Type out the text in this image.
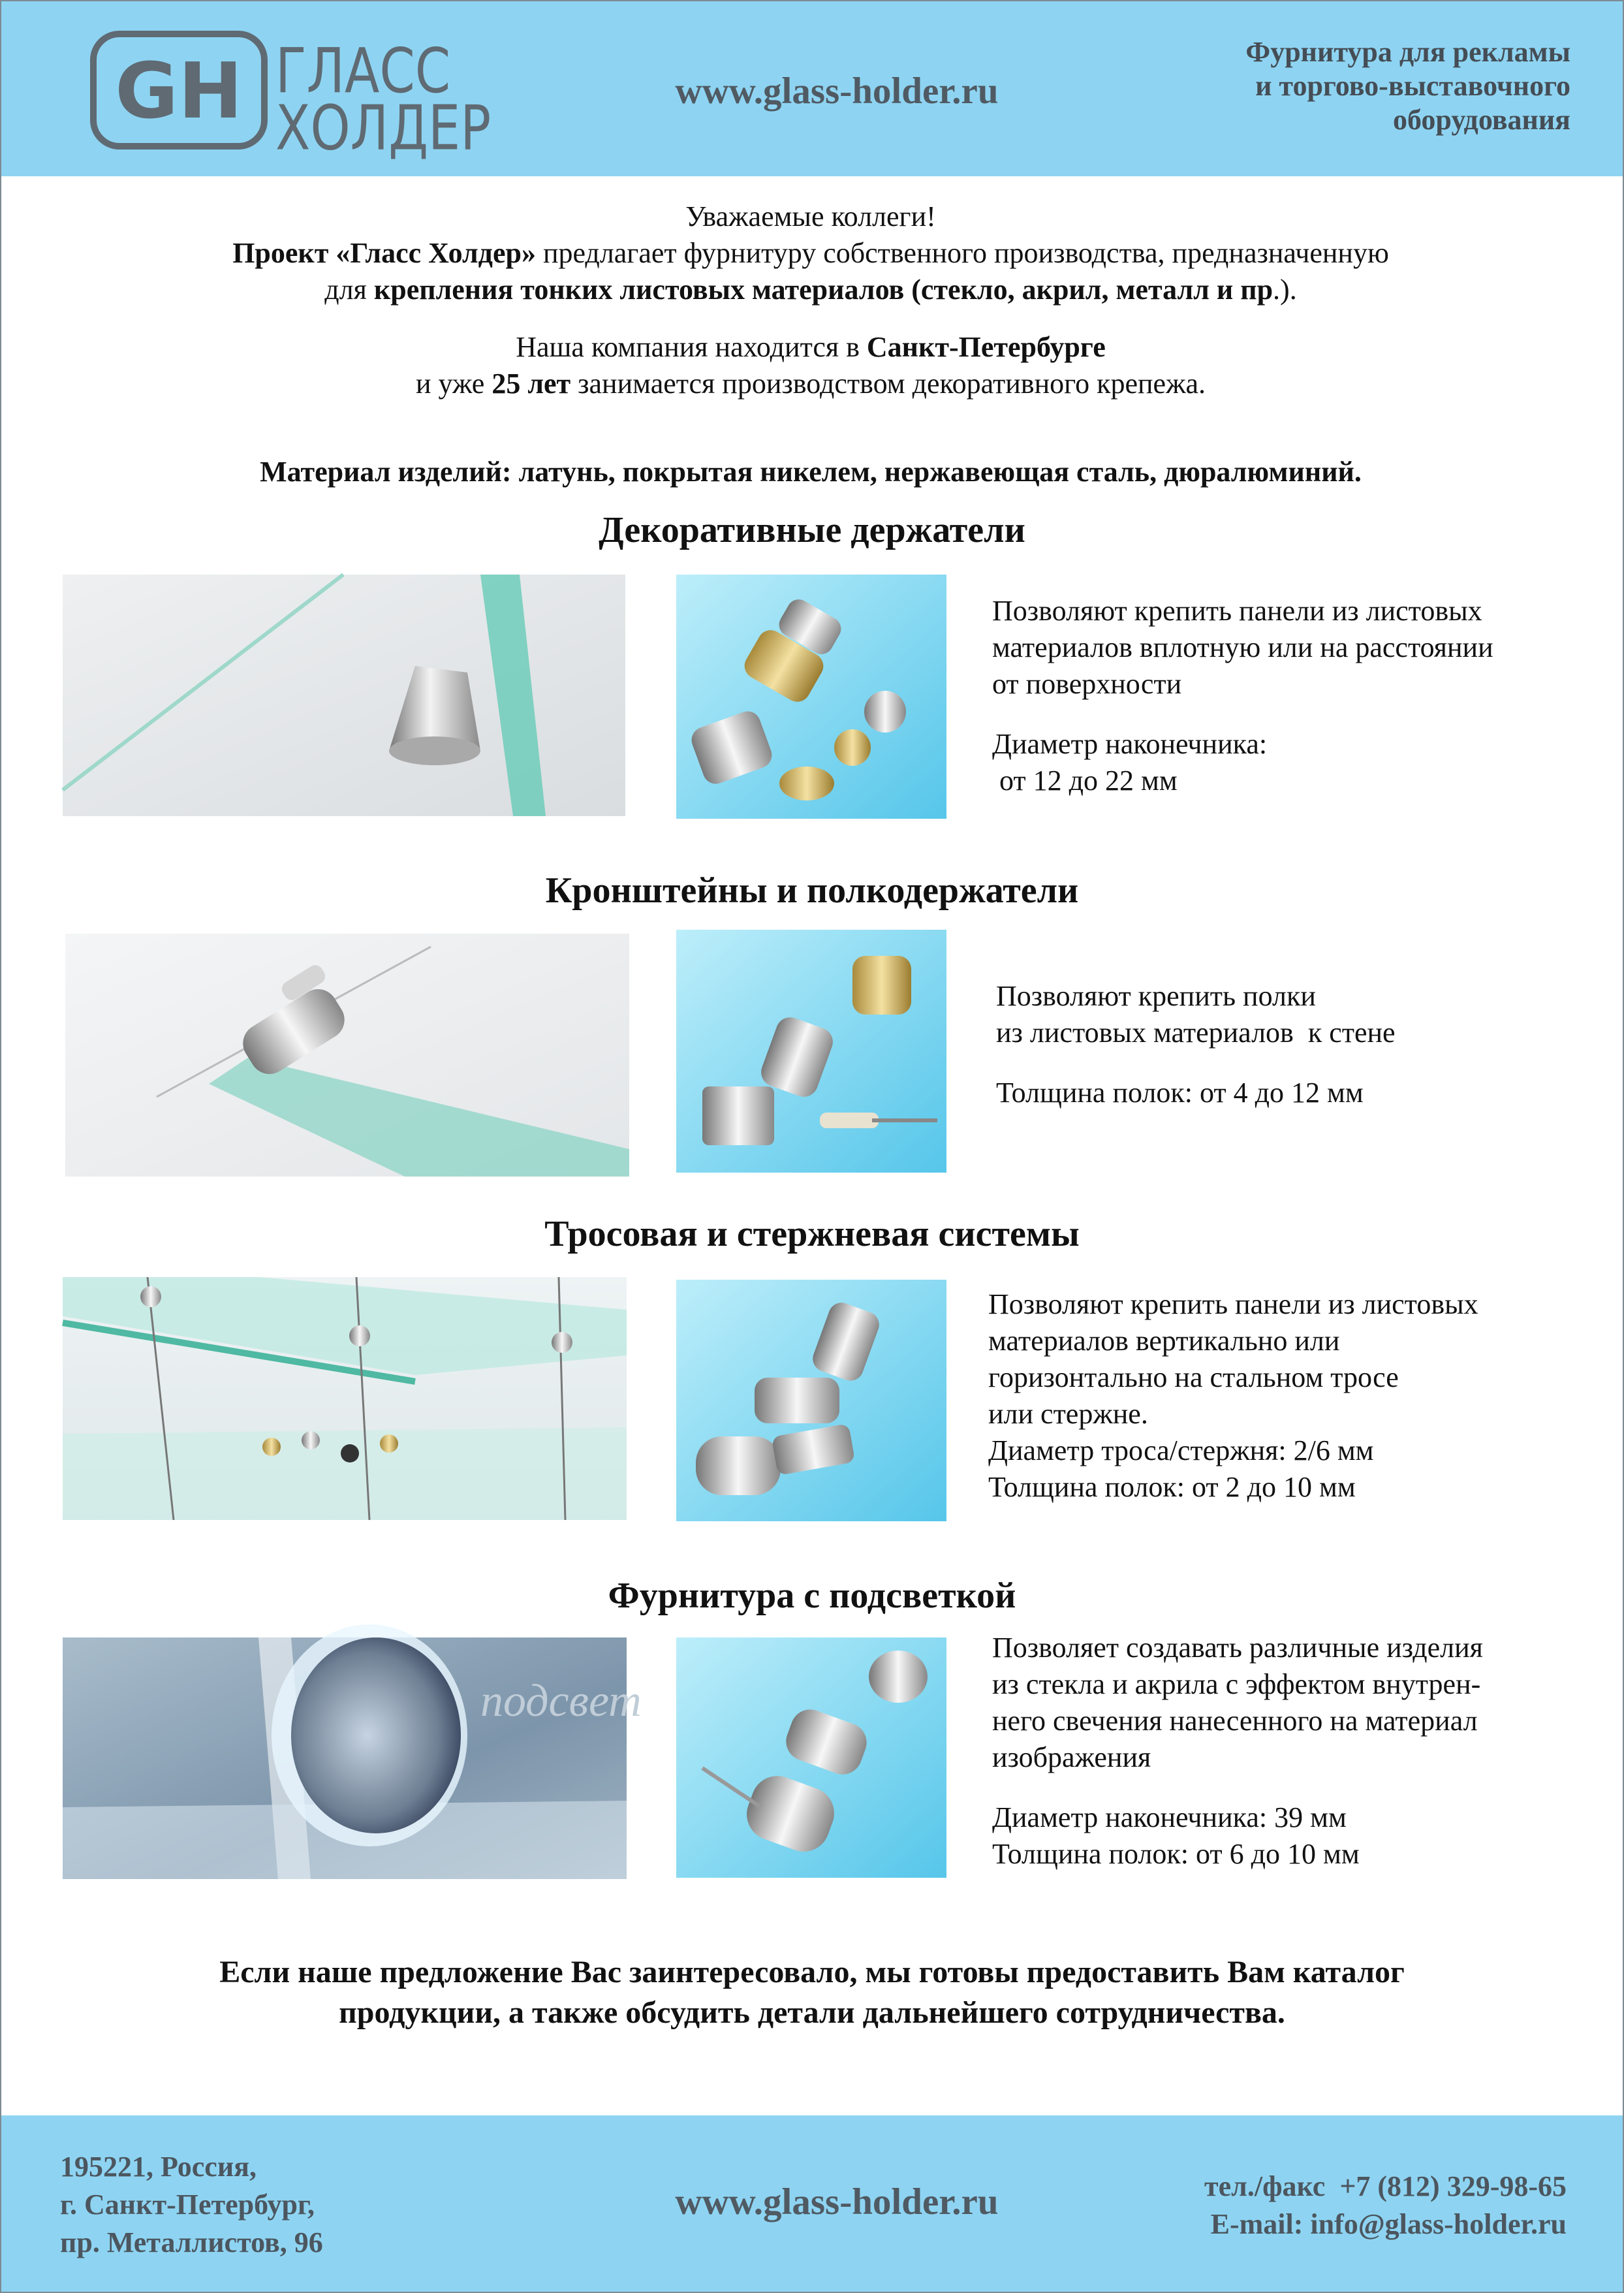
GH ГЛАСС
ХОЛДЕР
www.glass-holder.ru
Фурнитура для рекламы
и торгово-выставочного
оборудования

Уважаемые коллеги!

Проект «Гласс Холдер» предлагает фурнитуру собственного производства, предназначенную

для крепления тонких листовых материалов (стекло, акрил, металл и пр.).

Наша компания находится в Санкт-Петербурге

и уже 25 лет занимается производством декоративного крепежа.

Материал изделий: латунь, покрытая никелем, нержавеющая сталь, дюралюминий.
Декоративные держатели

Позволяют крепить панели из листовых

материалов вплотную или на расстоянии

от поверхности

Диаметр наконечника:

от 12 до 22 мм

Кронштейны и полкодержатели

Позволяют крепить полки

из листовых материалов  к стене

Толщина полок: от 4 до 12 мм

Тросовая и стержневая системы

Позволяют крепить панели из листовых

материалов вертикально или

горизонтально на стальном тросе

или стержне.

Диаметр троса/стержня: 2/6 мм

Толщина полок: от 2 до 10 мм

Фурнитура с подсветкой
подсвет

Позволяет создавать различные изделия

из стекла и акрила с эффектом внутрен-

него свечения нанесенного на материал

изображения

Диаметр наконечника: 39 мм

Толщина полок: от 6 до 10 мм

Если наше предложение Вас заинтересовало, мы готовы предоставить Вам каталог
продукции, а также обсудить детали дальнейшего сотрудничества.
195221, Россия,
г. Санкт-Петербург,
пр. Металлистов, 96
www.glass-holder.ru	тел./факс  +7 (812) 329-98-65
E-mail: info@glass-holder.ru
